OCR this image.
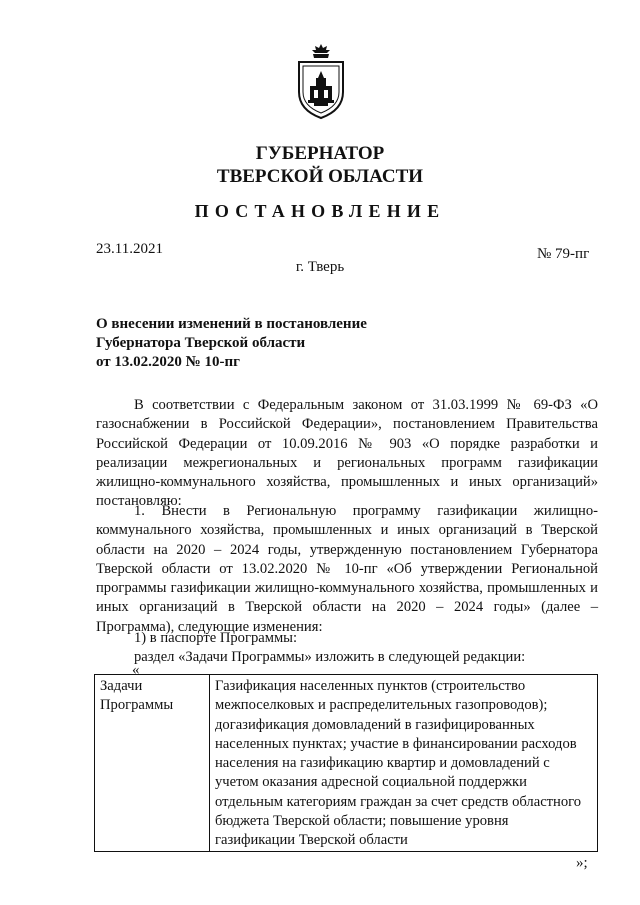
ГУБЕРНАТОР
ТВЕРСКОЙ ОБЛАСТИ
ПОСТАНОВЛЕНИЕ
23.11.2021	№ 79-пг
г. Тверь
О внесении изменений в постановление
Губернатора Тверской области
от 13.02.2020 № 10-пг
В соответствии с Федеральным законом от 31.03.1999 № 69-ФЗ «О газоснабжении в Российской Федерации», постановлением Правительства Российской Федерации от 10.09.2016 № 903 «О порядке разработки и реализации межрегиональных и региональных программ газификации жилищно-коммунального хозяйства, промышленных и иных организаций» постановляю:
1. Внести в Региональную программу газификации жилищно-коммунального хозяйства, промышленных и иных организаций в Тверской области на 2020 – 2024 годы, утвержденную постановлением Губернатора Тверской области от 13.02.2020 № 10-пг «Об утверждении Региональной программы газификации жилищно-коммунального хозяйства, промышленных и иных организаций в Тверской области на 2020 – 2024 годы» (далее – Программа), следующие изменения:
1) в паспорте Программы:
раздел «Задачи Программы» изложить в следующей редакции:
«
Задачи Программы	Газификация населенных пунктов (строительство межпоселковых и распределительных газопроводов); догазификация домовладений в газифицированных населенных пунктах; участие в финансировании расходов населения на газификацию квартир и домовладений с учетом оказания адресной социальной поддержки отдельным категориям граждан за счет средств областного бюджета Тверской области; повышение уровня газификации Тверской области
»;
